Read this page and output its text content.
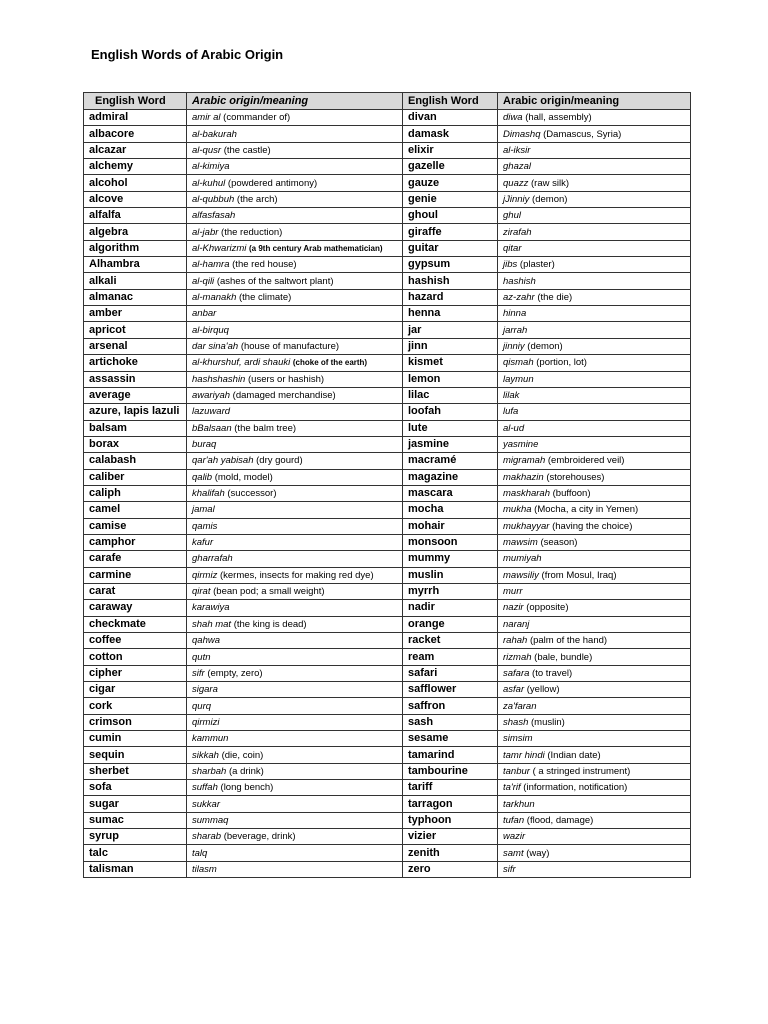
English Words of Arabic Origin
English Word	Arabic origin/meaning	English Word	Arabic origin/meaning
admiral	amir al (commander of)	divan	diwa (hall, assembly)
albacore	al-bakurah	damask	Dimashq (Damascus, Syria)
alcazar	al-qusr (the castle)	elixir	al-iksir
alchemy	al-kimiya	gazelle	ghazal
alcohol	al-kuhul (powdered antimony)	gauze	quazz (raw silk)
alcove	al-qubbuh (the arch)	genie	jJinniy (demon)
alfalfa	alfasfasah	ghoul	ghul
algebra	al-jabr (the reduction)	giraffe	zirafah
algorithm	al-Khwarizmi (a 9th century Arab mathematician)	guitar	qitar
Alhambra	al-hamra (the red house)	gypsum	jibs (plaster)
alkali	al-qili (ashes of the saltwort plant)	hashish	hashish
almanac	al-manakh (the climate)	hazard	az-zahr (the die)
amber	anbar	henna	hinna
apricot	al-birquq	jar	jarrah
arsenal	dar sina'ah (house of manufacture)	jinn	jinniy (demon)
artichoke	al-khurshuf, ardi shauki (choke of the earth)	kismet	qismah (portion, lot)
assassin	hashshashin (users or hashish)	lemon	laymun
average	awariyah (damaged merchandise)	lilac	lilak
azure, lapis lazuli	lazuward	loofah	lufa
balsam	bBalsaan (the balm tree)	lute	al-ud
borax	buraq	jasmine	yasmine
calabash	qar'ah yabisah (dry gourd)	macramé	migramah (embroidered veil)
caliber	qalib (mold, model)	magazine	makhazin (storehouses)
caliph	khalifah (successor)	mascara	maskharah (buffoon)
camel	jamal	mocha	mukha (Mocha, a city in Yemen)
camise	qamis	mohair	mukhayyar (having the choice)
camphor	kafur	monsoon	mawsim (season)
carafe	gharrafah	mummy	mumiyah
carmine	qirmiz (kermes, insects for making red dye)	muslin	mawsiliy (from Mosul, Iraq)
carat	qirat (bean pod; a small weight)	myrrh	murr
caraway	karawiya	nadir	nazir (opposite)
checkmate	shah mat (the king is dead)	orange	naranj
coffee	qahwa	racket	rahah (palm of the hand)
cotton	qutn	ream	rizmah (bale, bundle)
cipher	sifr (empty, zero)	safari	safara (to travel)
cigar	sigara	safflower	asfar (yellow)
cork	qurq	saffron	za'faran
crimson	qirmizi	sash	shash (muslin)
cumin	kammun	sesame	simsim
sequin	sikkah (die, coin)	tamarind	tamr hindi (Indian date)
sherbet	sharbah (a drink)	tambourine	tanbur ( a stringed instrument)
sofa	suffah (long bench)	tariff	ta'rif (information, notification)
sugar	sukkar	tarragon	tarkhun
sumac	summaq	typhoon	tufan (flood, damage)
syrup	sharab (beverage, drink)	vizier	wazir
talc	talq	zenith	samt (way)
talisman	tilasm	zero	sifr
